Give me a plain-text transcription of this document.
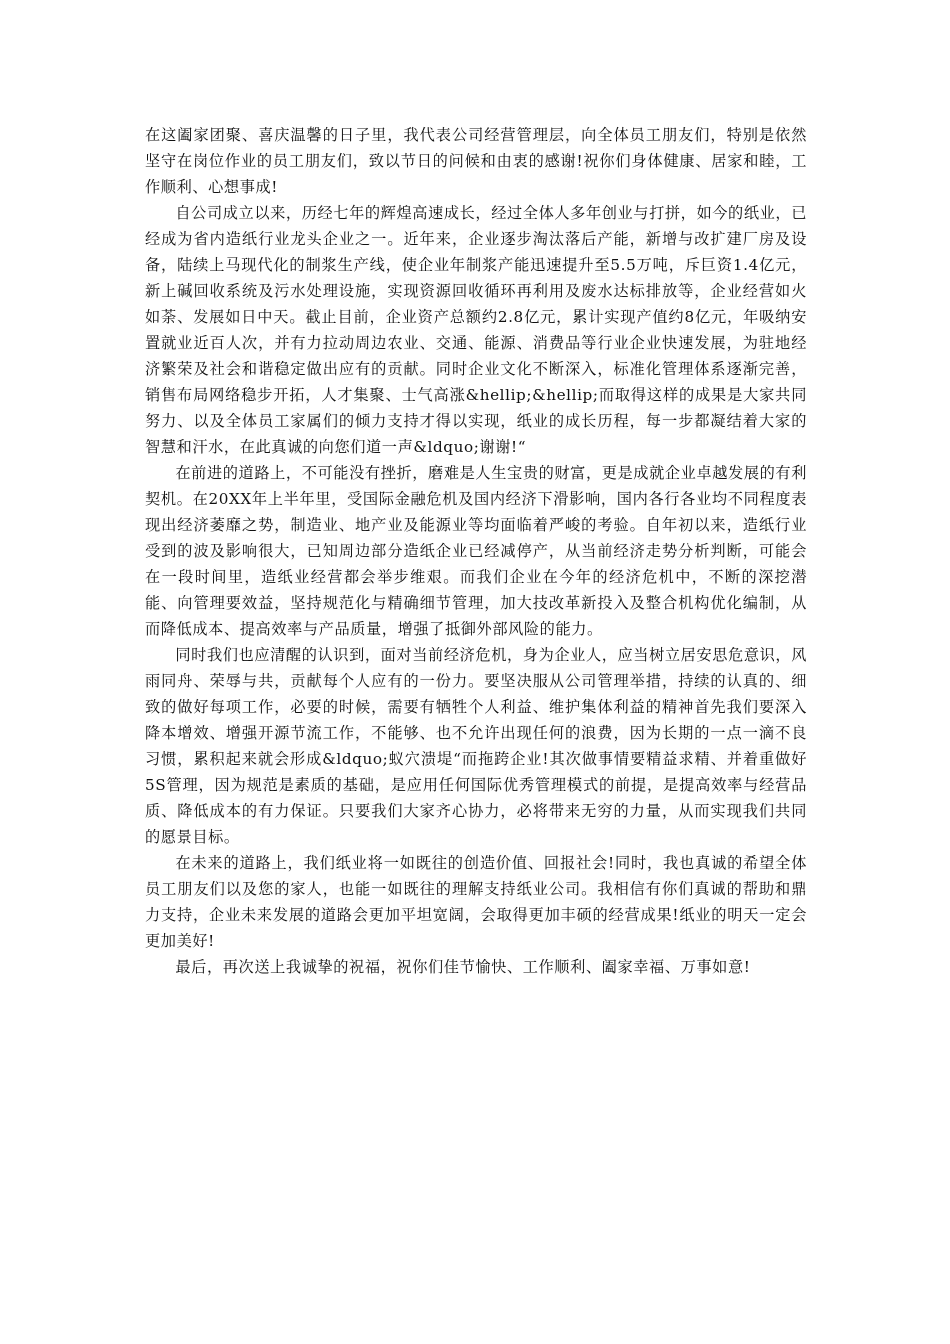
在这阖家团聚、喜庆温馨的日子里，我代表公司经营管理层，向全体员工朋友们，特别是依然坚守在岗位作业的员工朋友们，致以节日的问候和由衷的感谢!祝你们身体健康、居家和睦，工作顺利、心想事成!

自公司成立以来，历经七年的辉煌高速成长，经过全体人多年创业与打拼，如今的纸业，已经成为省内造纸行业龙头企业之一。近年来，企业逐步淘汰落后产能，新增与改扩建厂房及设备，陆续上马现代化的制浆生产线，使企业年制浆产能迅速提升至5.5万吨，斥巨资1.4亿元，新上碱回收系统及污水处理设施，实现资源回收循环再利用及废水达标排放等，企业经营如火如荼、发展如日中天。截止目前，企业资产总额约2.8亿元，累计实现产值约8亿元，年吸纳安置就业近百人次，并有力拉动周边农业、交通、能源、消费品等行业企业快速发展，为驻地经济繁荣及社会和谐稳定做出应有的贡献。同时企业文化不断深入，标准化管理体系逐渐完善，销售布局网络稳步开拓，人才集聚、士气高涨&hellip;&hellip;而取得这样的成果是大家共同努力、以及全体员工家属们的倾力支持才得以实现，纸业的成长历程，每一步都凝结着大家的智慧和汗水，在此真诚的向您们道一声&ldquo;谢谢!“

在前进的道路上，不可能没有挫折，磨难是人生宝贵的财富，更是成就企业卓越发展的有利契机。在20XX年上半年里，受国际金融危机及国内经济下滑影响，国内各行各业均不同程度表现出经济萎靡之势，制造业、地产业及能源业等均面临着严峻的考验。自年初以来，造纸行业受到的波及影响很大，已知周边部分造纸企业已经减停产，从当前经济走势分析判断，可能会在一段时间里，造纸业经营都会举步维艰。而我们企业在今年的经济危机中，不断的深挖潜能、向管理要效益，坚持规范化与精确细节管理，加大技改革新投入及整合机构优化编制，从而降低成本、提高效率与产品质量，增强了抵御外部风险的能力。

同时我们也应清醒的认识到，面对当前经济危机，身为企业人，应当树立居安思危意识，风雨同舟、荣辱与共，贡献每个人应有的一份力。要坚决服从公司管理举措，持续的认真的、细致的做好每项工作，必要的时候，需要有牺牲个人利益、维护集体利益的精神首先我们要深入降本增效、增强开源节流工作，不能够、也不允许出现任何的浪费，因为长期的一点一滴不良习惯，累积起来就会形成&ldquo;蚁穴溃堤“而拖跨企业!其次做事情要精益求精、并着重做好5S管理，因为规范是素质的基础，是应用任何国际优秀管理模式的前提，是提高效率与经营品质、降低成本的有力保证。只要我们大家齐心协力，必将带来无穷的力量，从而实现我们共同的愿景目标。

在未来的道路上，我们纸业将一如既往的创造价值、回报社会!同时，我也真诚的希望全体员工朋友们以及您的家人，也能一如既往的理解支持纸业公司。我相信有你们真诚的帮助和鼎力支持，企业未来发展的道路会更加平坦宽阔，会取得更加丰硕的经营成果!纸业的明天一定会更加美好!

最后，再次送上我诚挚的祝福，祝你们佳节愉快、工作顺利、阖家幸福、万事如意!
